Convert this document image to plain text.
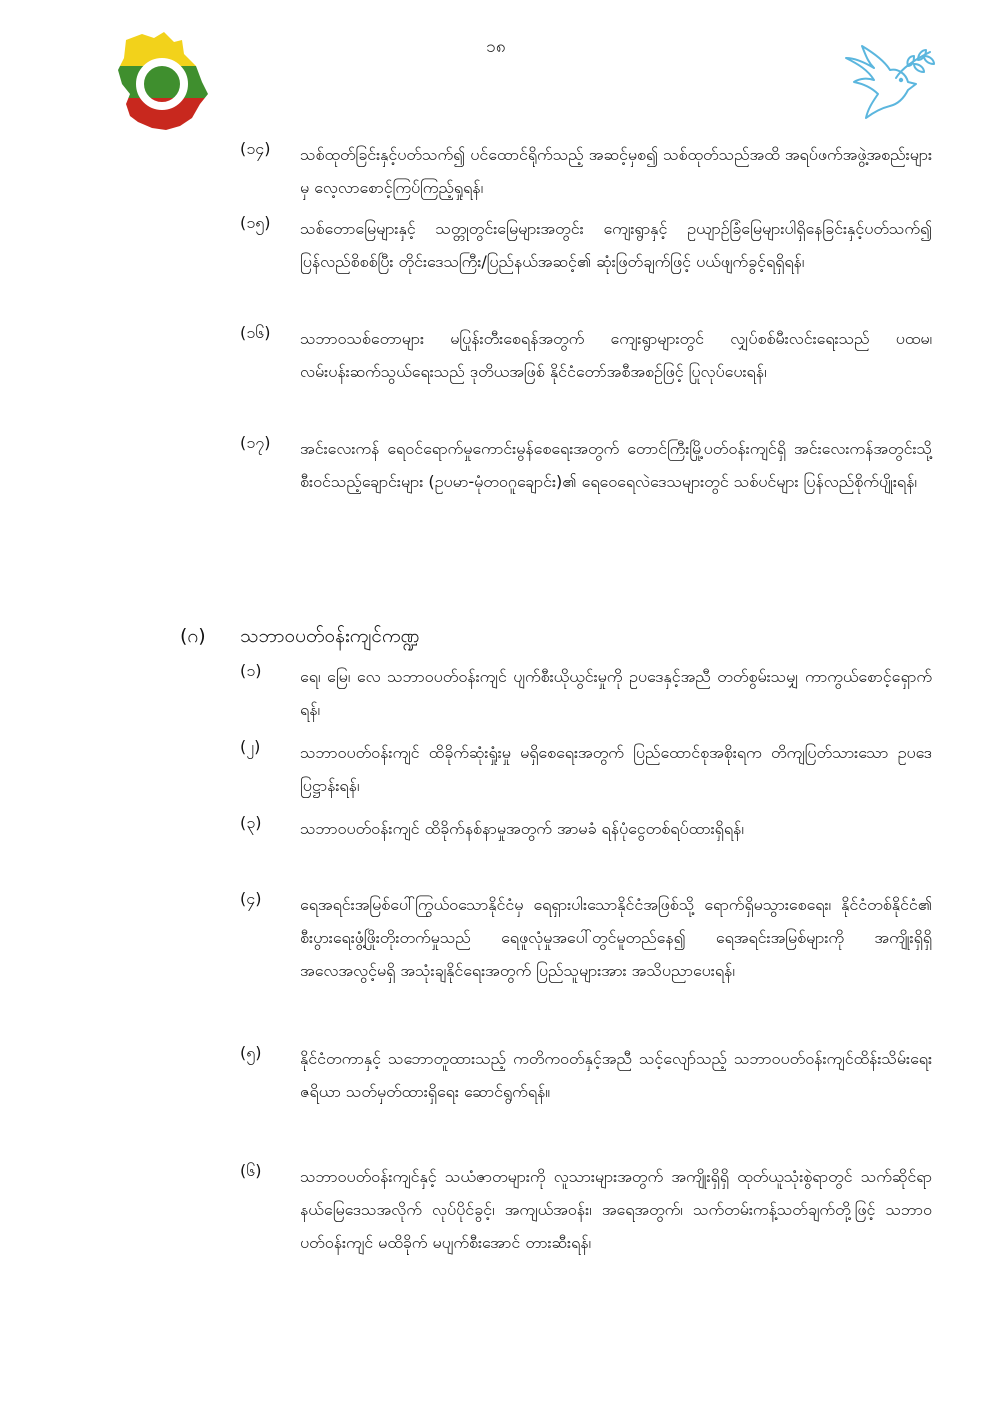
၁၈
(၁၄) သစ်ထုတ်ခြင်းနှင့်ပတ်သက်၍ ပင်ထောင်ရိုက်သည့် အဆင့်မှစ၍ သစ်ထုတ်သည်အထိ အရပ်ဖက်အဖွဲ့အစည်းများမှ လေ့လာစောင့်ကြပ်ကြည့်ရှုရန်၊
(၁၅) သစ်တောမြေများနှင့် သတ္တုတွင်းမြေများအတွင်း ကျေးရွာနှင့် ဥယျာဥ်ခြံမြေများပါရှိနေခြင်းနှင့်ပတ်သက်၍ ပြန်လည်စိစစ်ပြီး တိုင်းဒေသကြီး/ပြည်နယ်အဆင့်၏ ဆုံးဖြတ်ချက်ဖြင့် ပယ်ဖျက်ခွင့်ရရှိရန်၊
(၁၆) သဘာဝသစ်တောများ မပြုန်းတီးစေရန်အတွက် ကျေးရွာများတွင် လျှပ်စစ်မီးလင်းရေးသည် ပထမ၊ လမ်းပန်းဆက်သွယ်ရေးသည် ဒုတိယအဖြစ် နိုင်ငံတော်အစီအစဉ်ဖြင့် ပြုလုပ်ပေးရန်၊
(၁၇) အင်းလေးကန် ရေဝင်ရောက်မှုကောင်းမွန်စေရေးအတွက် တောင်ကြီးမြို့ပတ်ဝန်းကျင်ရှိ အင်းလေးကန်အတွင်းသို့ စီးဝင်သည့်ချောင်းများ (ဥပမာ-မုံတဝဂူချောင်း)၏ ရေဝေရေလဲဒေသများတွင် သစ်ပင်များ ပြန်လည်စိုက်ပျိုးရန်၊
(ဂ) သဘာဝပတ်ဝန်းကျင်ကဏ္ဍ
(၁) ရေ၊ မြေ၊ လေ သဘာဝပတ်ဝန်းကျင် ပျက်စီးယိုယွင်းမှုကို ဥပဒေနှင့်အညီ တတ်စွမ်းသမျှ ကာကွယ်စောင့်ရှောက်ရန်၊
(၂) သဘာဝပတ်ဝန်းကျင် ထိခိုက်ဆုံးရှုံးမှု မရှိစေရေးအတွက် ပြည်ထောင်စုအစိုးရက တိကျပြတ်သားသော ဥပဒေပြဋ္ဌာန်းရန်၊
(၃) သဘာဝပတ်ဝန်းကျင် ထိခိုက်နစ်နာမှုအတွက် အာမခံ ရန်ပုံငွေတစ်ရပ်ထားရှိရန်၊
(၄) ရေအရင်းအမြစ်ပေါ်ကြွယ်ဝသောနိုင်ငံမှ ရေရှားပါးသောနိုင်ငံအဖြစ်သို့ ရောက်ရှိမသွားစေရေး၊ နိုင်ငံတစ်နိုင်ငံ၏ စီးပွားရေးဖွံ့ဖြိုးတိုးတက်မှုသည် ရေဖူလုံမှုအပေါ်တွင်မူတည်နေ၍ ရေအရင်းအမြစ်များကို အကျိုးရှိရှိ အလေအလွင့်မရှိ အသုံးချနိုင်ရေးအတွက် ပြည်သူများအား အသိပညာပေးရန်၊
(၅) နိုင်ငံတကာနှင့် သဘောတူထားသည့် ကတိကဝတ်နှင့်အညီ သင့်လျော်သည့် သဘာဝပတ်ဝန်းကျင်ထိန်းသိမ်းရေးဇရိယာ သတ်မှတ်ထားရှိရေး ဆောင်ရွက်ရန်။
(၆) သဘာဝပတ်ဝန်းကျင်နှင့် သယံဇာတများကို လူသားများအတွက် အကျိုးရှိရှိ ထုတ်ယူသုံးစွဲရာတွင် သက်ဆိုင်ရာနယ်မြေဒေသအလိုက် လုပ်ပိုင်ခွင့်၊ အကျယ်အဝန်း၊ အရေအတွက်၊ သက်တမ်းကန့်သတ်ချက်တို့ဖြင့် သဘာဝ ပတ်ဝန်းကျင် မထိခိုက် မပျက်စီးအောင် တားဆီးရန်၊
